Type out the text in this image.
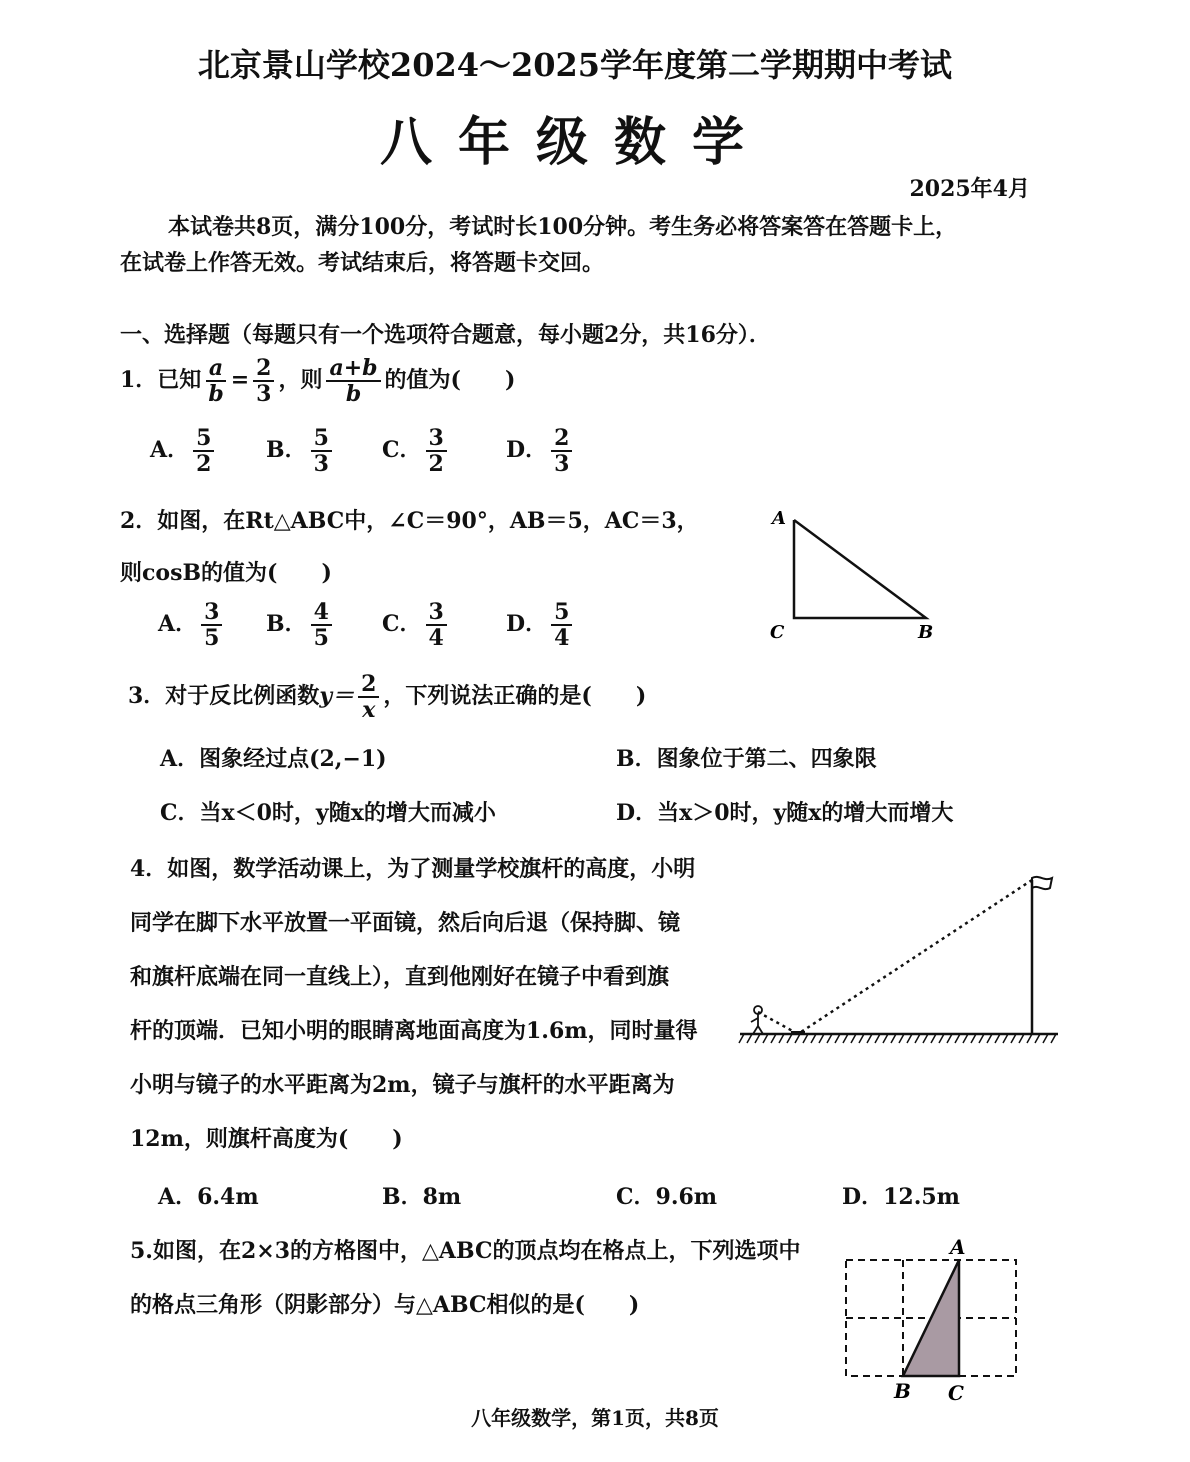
北京景山学校2024～2025学年度第二学期期中考试
八年级数学
2025年4月
本试卷共8页，满分100分，考试时长100分钟。考生务必将答案答在答题卡上，
在试卷上作答无效。考试结束后，将答题卡交回。
一、选择题（每题只有一个选项符合题意，每小题2分，共16分）．
1．已知 $\frac{a}{b} = \frac{2}{3}$ ，则 $\frac{a+b}{b}$ 的值为(　　)
A． $\frac{5}{2}$ B． $\frac{5}{3}$ C． $\frac{3}{2}$	D． $\frac{2}{3}$
2．如图，在Rt△ABC中，∠C＝90°，AB＝5，AC＝3，
则cosB的值为(　　)
A． $\frac{3}{5}$ B． $\frac{4}{5}$ C． $\frac{3}{4}$	D． $\frac{5}{4}$
A
C	B
3．对于反比例函数$y= \frac{2}{x}$ ，下列说法正确的是(　　)
A．图象经过点(2,−1)	B．图象位于第二、四象限
C．当x＜0时，y随x的增大而减小	D．当x＞0时，y随x的增大而增大
4．如图，数学活动课上，为了测量学校旗杆的高度，小明
同学在脚下水平放置一平面镜，然后向后退（保持脚、镜
和旗杆底端在同一直线上），直到他刚好在镜子中看到旗
杆的顶端．已知小明的眼睛离地面高度为1.6m，同时量得
小明与镜子的水平距离为2m，镜子与旗杆的水平距离为
12m，则旗杆高度为(　　)
A．6.4m	B．8m	C．9.6m	D．12.5m
5.如图，在2×3的方格图中，△ABC的顶点均在格点上，下列选项中
的格点三角形（阴影部分）与△ABC相似的是(　　)
A
B C
八年级数学，第1页，共8页
